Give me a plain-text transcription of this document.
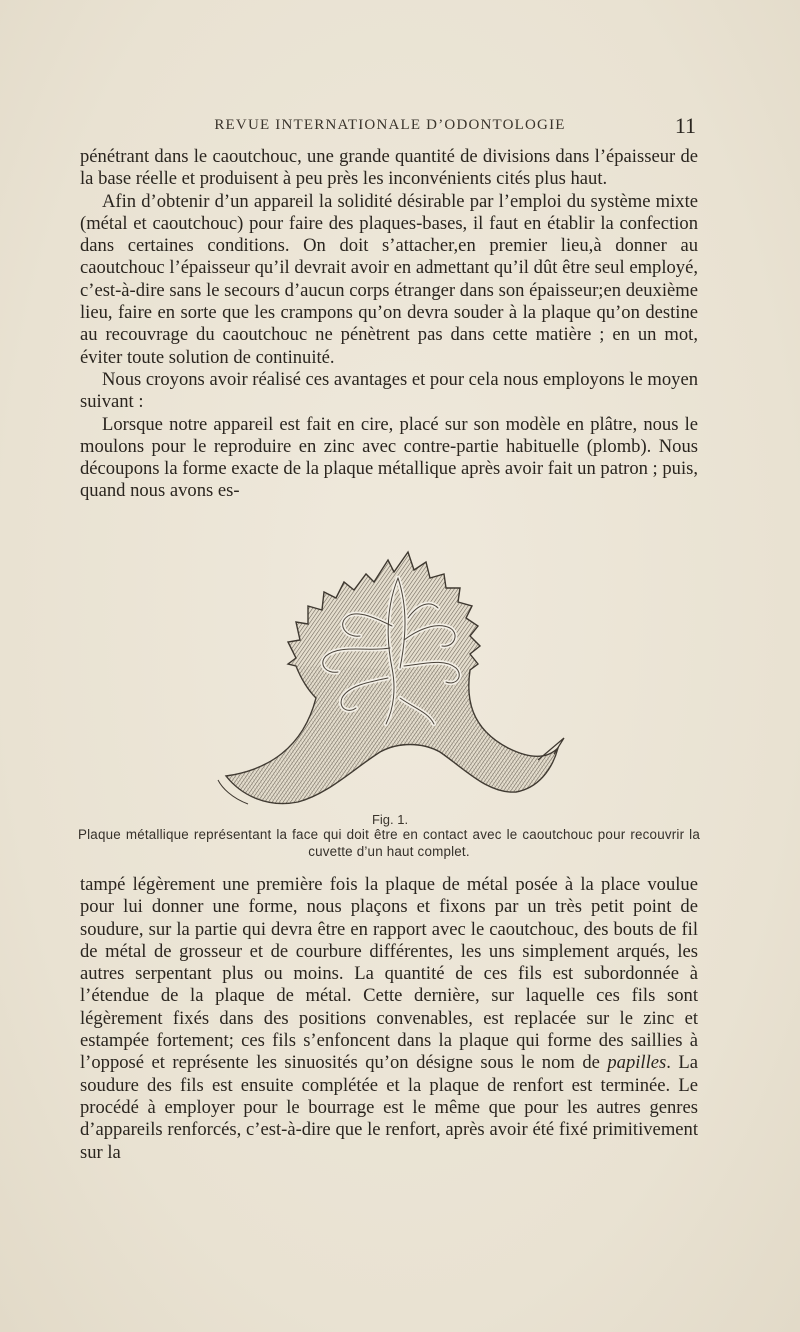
REVUE INTERNATIONALE D’ODONTOLOGIE	11

pénétrant dans le caoutchouc, une grande quantité de divisions dans l’épaisseur de la base réelle et produisent à peu près les inconvénients cités plus haut.

Afin d’obtenir d’un appareil la solidité désirable par l’emploi du système mixte (métal et caoutchouc) pour faire des plaques-bases, il faut en établir la confection dans certaines conditions. On doit s’attacher,en premier lieu,à donner au caoutchouc l’épaisseur qu’il devrait avoir en admettant qu’il dût être seul employé, c’est-à-dire sans le secours d’aucun corps étranger dans son épaisseur;en deuxième lieu, faire en sorte que les crampons qu’on devra souder à la plaque qu’on destine au recouvrage du caoutchouc ne pénètrent pas dans cette matière ; en un mot, éviter toute solution de continuité.

Nous croyons avoir réalisé ces avantages et pour cela nous employons le moyen suivant :

Lorsque notre appareil est fait en cire, placé sur son modèle en plâtre, nous le moulons pour le reproduire en zinc avec contre-partie habituelle (plomb). Nous découpons la forme exacte de la plaque métallique après avoir fait un patron ; puis, quand nous avons es-

Fig. 1.
Plaque métallique représentant la face qui doit être en contact avec le caoutchouc pour recouvrir la cuvette d’un haut complet.

tampé légèrement une première fois la plaque de métal posée à la place voulue pour lui donner une forme, nous plaçons et fixons par un très petit point de soudure, sur la partie qui devra être en rapport avec le caoutchouc, des bouts de fil de métal de grosseur et de courbure différentes, les uns simplement arqués, les autres serpentant plus ou moins. La quantité de ces fils est subordonnée à l’étendue de la plaque de métal. Cette dernière, sur laquelle ces fils sont légèrement fixés dans des positions convenables, est replacée sur le zinc et estampée fortement; ces fils s’enfoncent dans la plaque qui forme des saillies à l’opposé et représente les sinuosités qu’on désigne sous le nom de papilles. La soudure des fils est ensuite complétée et la plaque de renfort est terminée. Le procédé à employer pour le bourrage est le même que pour les autres genres d’appareils renforcés, c’est-à-dire que le renfort, après avoir été fixé primitivement sur la
